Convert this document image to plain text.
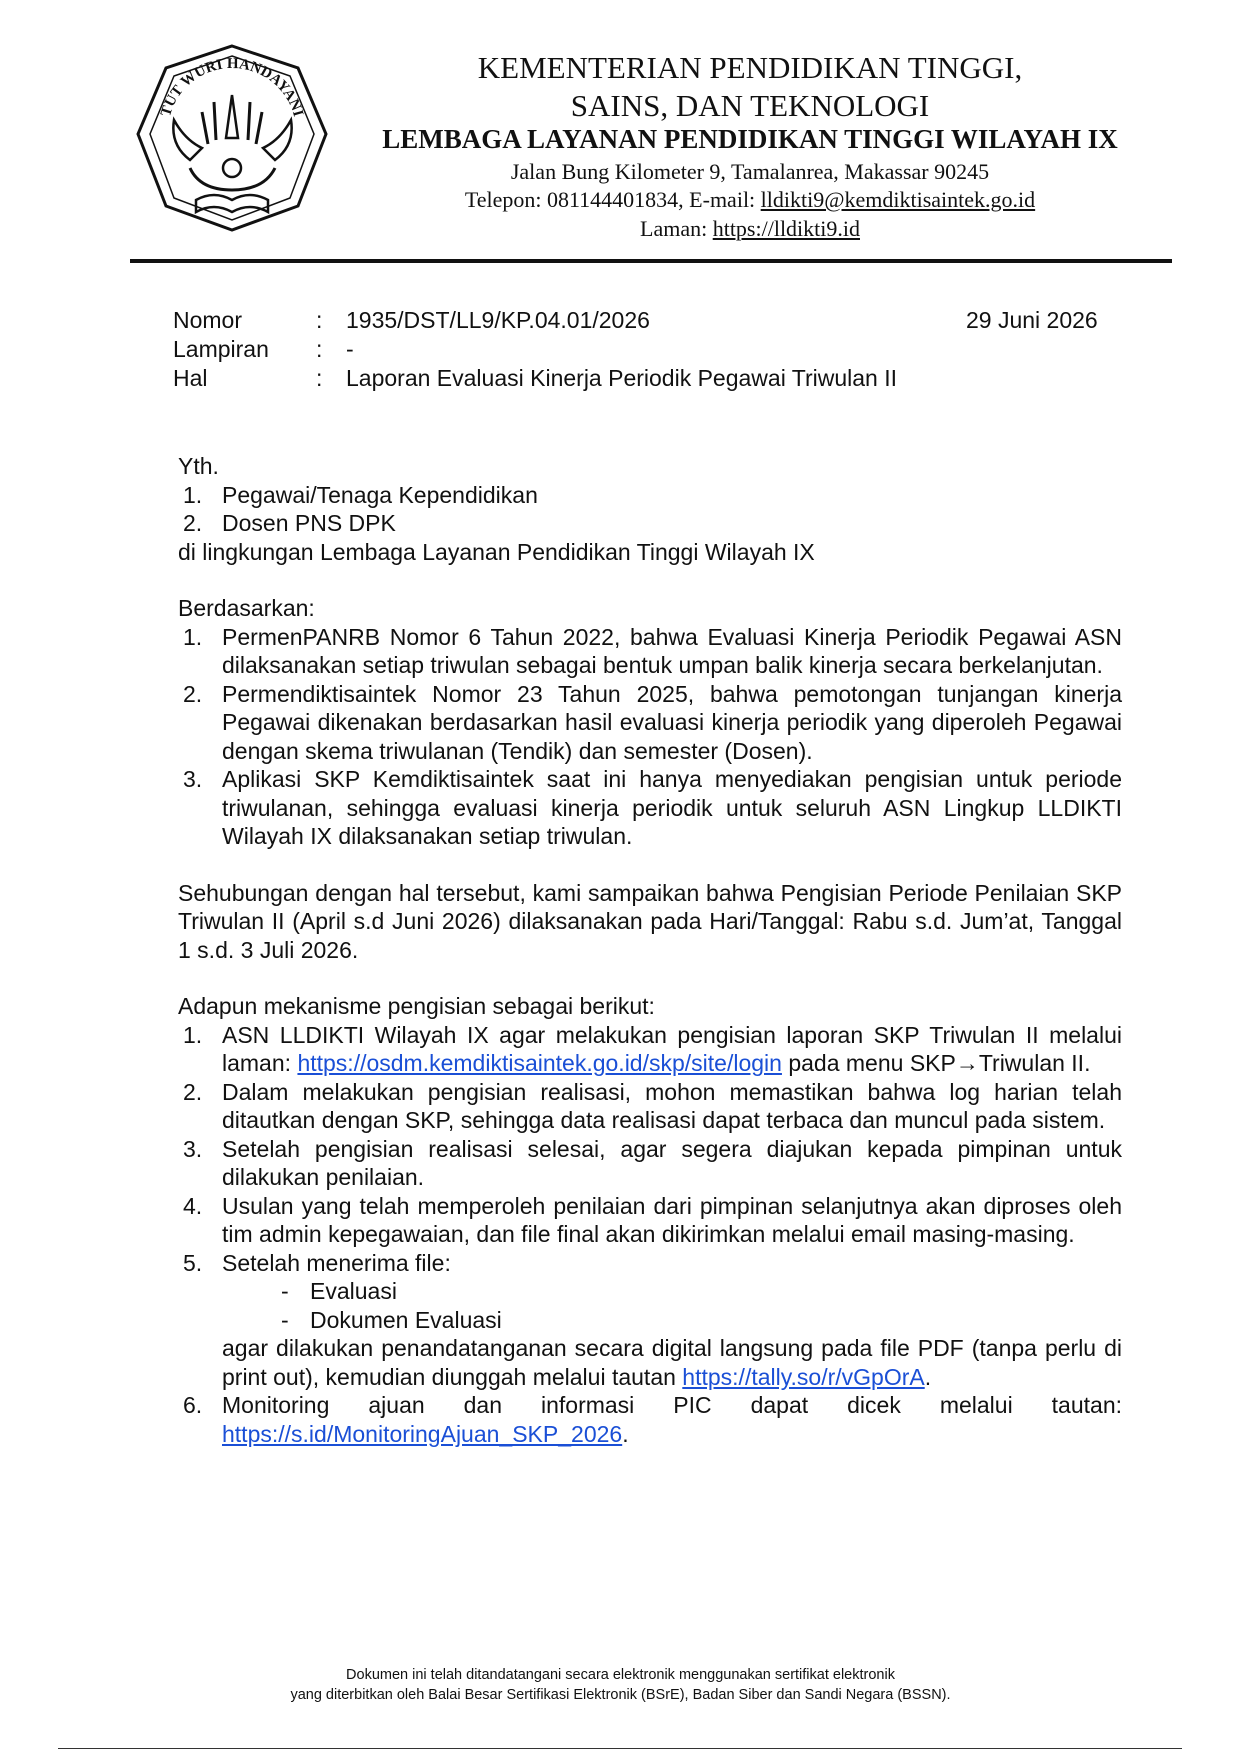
TUT WURI HANDAYANI
KEMENTERIAN PENDIDIKAN TINGGI,
SAINS, DAN TEKNOLOGI
LEMBAGA LAYANAN PENDIDIKAN TINGGI WILAYAH IX
Jalan Bung Kilometer 9, Tamalanrea, Makassar 90245
Telepon: 081144401834, E-mail: lldikti9@kemdiktisaintek.go.id
Laman: https://lldikti9.id
Nomor	: 1935/DST/LL9/KP.04.01/2026	29 Juni 2026
Lampiran : -
Hal	: Laporan Evaluasi Kinerja Periodik Pegawai Triwulan II

Yth.

1. Pegawai/Tenaga Kependidikan
2. Dosen PNS DPK

di lingkungan Lembaga Layanan Pendidikan Tinggi Wilayah IX

Berdasarkan:

1. PermenPANRB Nomor 6 Tahun 2022, bahwa Evaluasi Kinerja Periodik Pegawai ASN dilaksanakan setiap triwulan sebagai bentuk umpan balik kinerja secara berkelanjutan.
2. Permendiktisaintek Nomor 23 Tahun 2025, bahwa pemotongan tunjangan kinerja Pegawai dikenakan berdasarkan hasil evaluasi kinerja periodik yang diperoleh Pegawai dengan skema triwulanan (Tendik) dan semester (Dosen).
3. Aplikasi SKP Kemdiktisaintek saat ini hanya menyediakan pengisian untuk periode triwulanan, sehingga evaluasi kinerja periodik untuk seluruh ASN Lingkup LLDIKTI Wilayah IX dilaksanakan setiap triwulan.

Sehubungan dengan hal tersebut, kami sampaikan bahwa Pengisian Periode Penilaian SKP Triwulan II (April s.d Juni 2026) dilaksanakan pada Hari/Tanggal: Rabu s.d. Jum’at, Tanggal 1 s.d. 3 Juli 2026.

Adapun mekanisme pengisian sebagai berikut:

1. ASN LLDIKTI Wilayah IX agar melakukan pengisian laporan SKP Triwulan II melalui laman: https://osdm.kemdiktisaintek.go.id/skp/site/login pada menu SKP→Triwulan II.
2. Dalam melakukan pengisian realisasi, mohon memastikan bahwa log harian telah ditautkan dengan SKP, sehingga data realisasi dapat terbaca dan muncul pada sistem.
3. Setelah pengisian realisasi selesai, agar segera diajukan kepada pimpinan untuk dilakukan penilaian.
4. Usulan yang telah memperoleh penilaian dari pimpinan selanjutnya akan diproses oleh tim admin kepegawaian, dan file final akan dikirimkan melalui email masing-masing.
5. Setelah menerima file:
- Evaluasi
- Dokumen Evaluasi
agar dilakukan penandatanganan secara digital langsung pada file PDF (tanpa perlu di print out), kemudian diunggah melalui tautan https://tally.so/r/vGpOrA.
6. Monitoring ajuan dan informasi PIC dapat dicek melalui tautan: https://s.id/MonitoringAjuan_SKP_2026.
Dokumen ini telah ditandatangani secara elektronik menggunakan sertifikat elektronik
yang diterbitkan oleh Balai Besar Sertifikasi Elektronik (BSrE), Badan Siber dan Sandi Negara (BSSN).
